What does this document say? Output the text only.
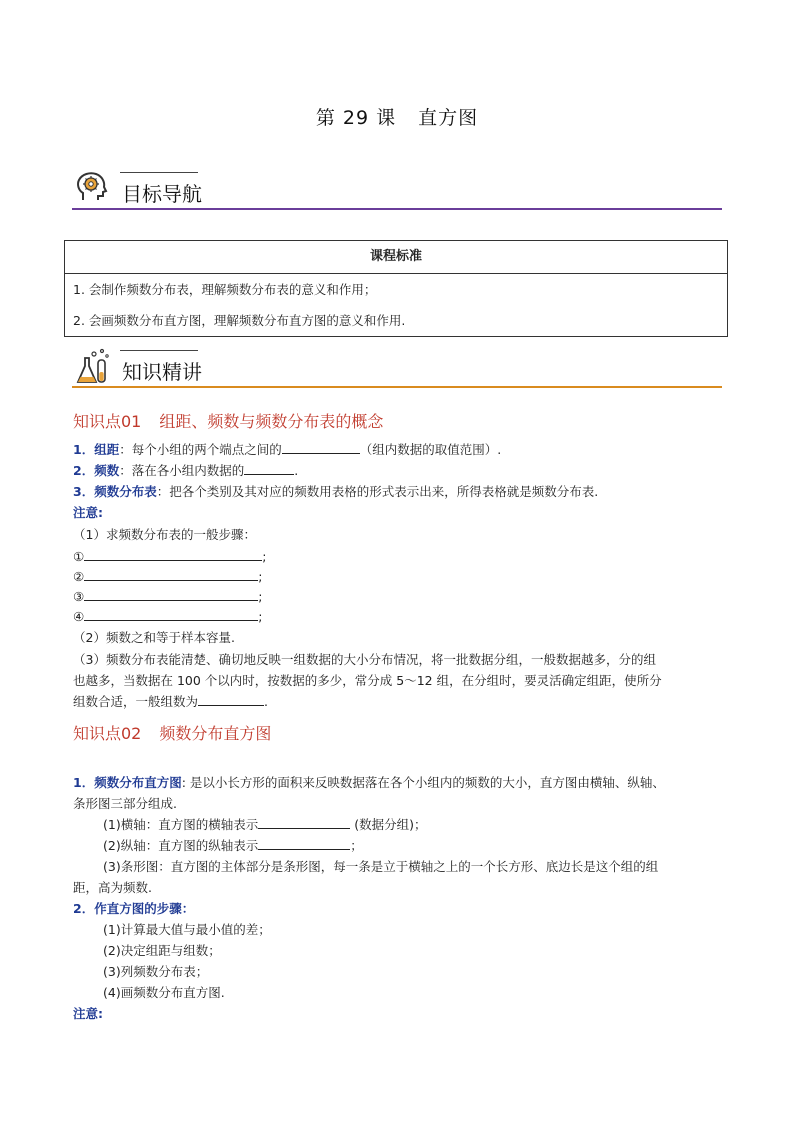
第 29 课 直方图
目标导航
课程标准
1. 会制作频数分布表，理解频数分布表的意义和作用；
2. 会画频数分布直方图，理解频数分布直方图的意义和作用.
知识精讲
知识点01 组距、频数与频数分布表的概念
1．组距：每个小组的两个端点之间的	（组内数据的取值范围）.
2．频数：落在各小组内数据的	.
3．频数分布表：把各个类别及其对应的频数用表格的形式表示出来，所得表格就是频数分布表.
注意:
（1）求频数分布表的一般步骤：
①	;
②	;
③	;
④	;
（2）频数之和等于样本容量.
（3）频数分布表能清楚、确切地反映一组数据的大小分布情况，将一批数据分组，一般数据越多，分的组
也越多，当数据在 100 个以内时，按数据的多少，常分成 5～12 组，在分组时，要灵活确定组距，使所分
组数合适，一般组数为	.
知识点02 频数分布直方图
1．频数分布直方图: 是以小长方形的面积来反映数据落在各个小组内的频数的大小，直方图由横轴、纵轴、
条形图三部分组成.
(1)横轴：直方图的横轴表示	(数据分组)；
(2)纵轴：直方图的纵轴表示	；
(3)条形图：直方图的主体部分是条形图，每一条是立于横轴之上的一个长方形、底边长是这个组的组
距，高为频数.
2．作直方图的步骤：
(1)计算最大值与最小值的差；
(2)决定组距与组数；
(3)列频数分布表；
(4)画频数分布直方图.
注意:
